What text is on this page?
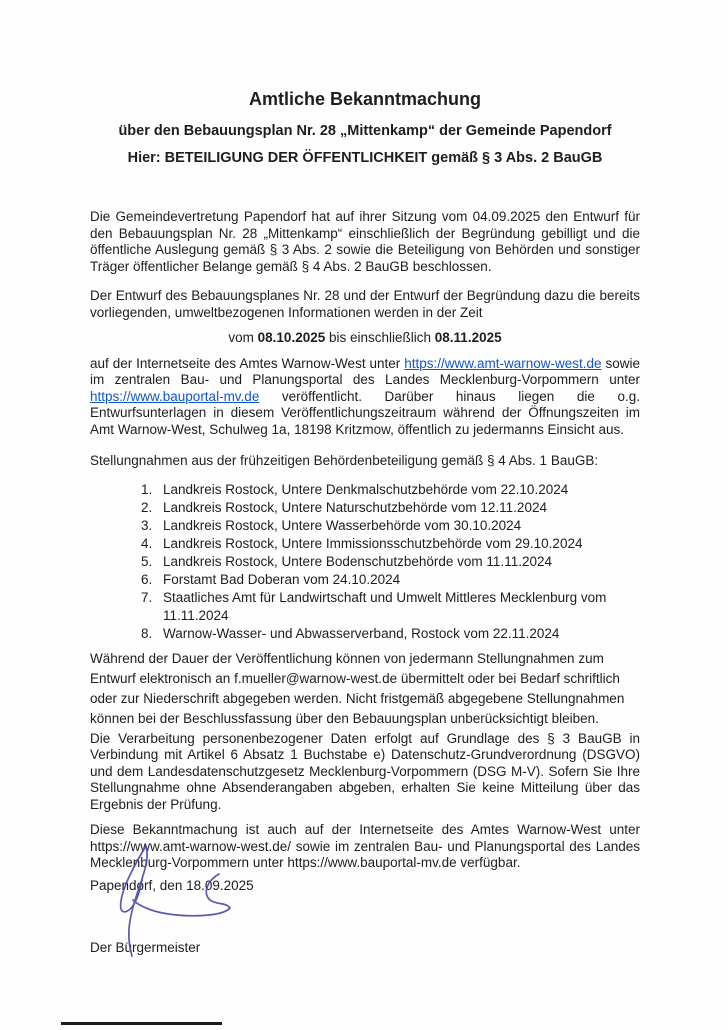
Amtliche Bekanntmachung
über den Bebauungsplan Nr. 28 „Mittenkamp“ der Gemeinde Papendorf
Hier: BETEILIGUNG DER ÖFFENTLICHKEIT gemäß § 3 Abs. 2 BauGB

Die Gemeindevertretung Papendorf hat auf ihrer Sitzung vom 04.09.2025 den Entwurf für den Bebauungsplan Nr. 28 „Mittenkamp“ einschließlich der Begründung gebilligt und die öffentliche Auslegung gemäß § 3 Abs. 2 sowie die Beteiligung von Behörden und sonstiger Träger öffentlicher Belange gemäß § 4 Abs. 2 BauGB beschlossen.

Der Entwurf des Bebauungsplanes Nr. 28 und der Entwurf der Begründung dazu die bereits vorliegenden, umweltbezogenen Informationen werden in der Zeit

vom 08.10.2025 bis einschließlich 08.11.2025

auf der Internetseite des Amtes Warnow-West unter https://www.amt-warnow-west.de sowie im zentralen Bau- und Planungsportal des Landes Mecklenburg-Vorpommern unter https://www.bauportal-mv.de veröffentlicht. Darüber hinaus liegen die o.g. Entwurfsunterlagen in diesem Veröffentlichungszeitraum während der Öffnungszeiten im Amt Warnow-West, Schulweg 1a, 18198 Kritzmow, öffentlich zu jedermanns Einsicht aus.

Stellungnahmen aus der frühzeitigen Behördenbeteiligung gemäß § 4 Abs. 1 BauGB:

1. Landkreis Rostock, Untere Denkmalschutzbehörde vom 22.10.2024
2. Landkreis Rostock, Untere Naturschutzbehörde vom 12.11.2024
3. Landkreis Rostock, Untere Wasserbehörde vom 30.10.2024
4. Landkreis Rostock, Untere Immissionsschutzbehörde vom 29.10.2024
5. Landkreis Rostock, Untere Bodenschutzbehörde vom 11.11.2024
6. Forstamt Bad Doberan vom 24.10.2024
7. Staatliches Amt für Landwirtschaft und Umwelt Mittleres Mecklenburg vom 11.11.2024
8. Warnow-Wasser- und Abwasserverband, Rostock vom 22.11.2024

Während der Dauer der Veröffentlichung können von jedermann Stellungnahmen zum Entwurf elektronisch an f.mueller@warnow-west.de übermittelt oder bei Bedarf schriftlich oder zur Niederschrift abgegeben werden. Nicht fristgemäß abgegebene Stellungnahmen können bei der Beschlussfassung über den Bebauungsplan unberücksichtigt bleiben.

Die Verarbeitung personenbezogener Daten erfolgt auf Grundlage des § 3 BauGB in Verbindung mit Artikel 6 Absatz 1 Buchstabe e) Datenschutz-Grundverordnung (DSGVO) und dem Landesdatenschutzgesetz Mecklenburg-Vorpommern (DSG M-V). Sofern Sie Ihre Stellungnahme ohne Absenderangaben abgeben, erhalten Sie keine Mitteilung über das Ergebnis der Prüfung.

Diese Bekanntmachung ist auch auf der Internetseite des Amtes Warnow-West unter https://www.amt-warnow-west.de/ sowie im zentralen Bau- und Planungsportal des Landes Mecklenburg-Vorpommern unter https://www.bauportal-mv.de verfügbar.

Papendorf, den 18.09.2025

Der Bürgermeister
